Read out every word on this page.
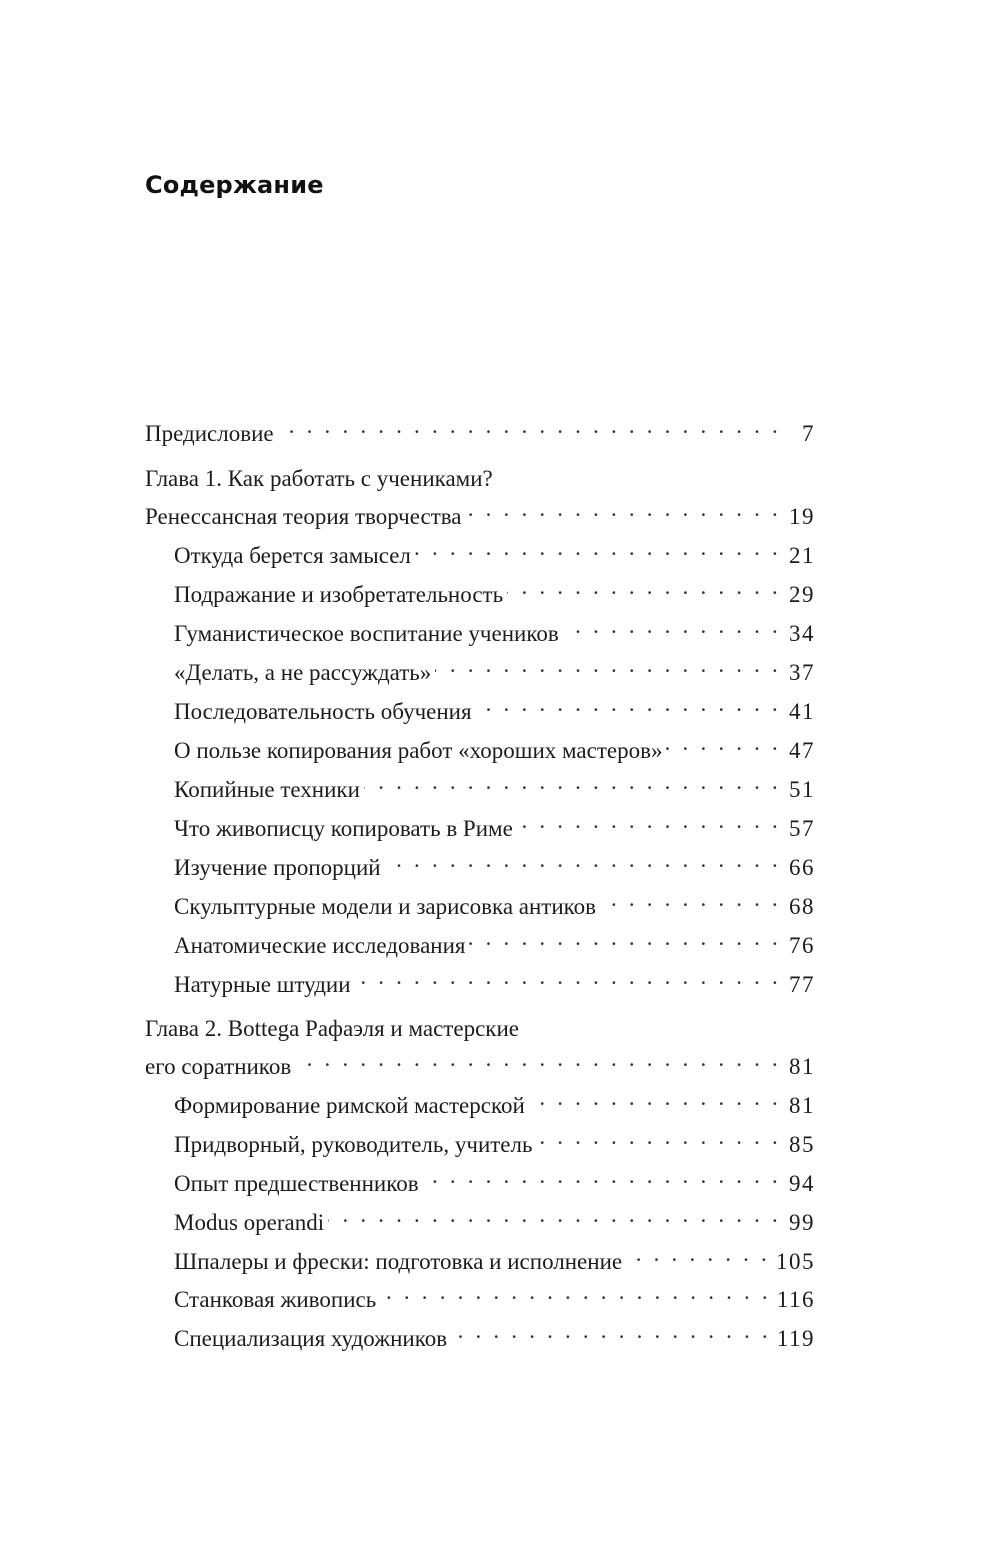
Содержание
Предисловие . . .	7
Глава 1. Как работать с учениками?
Ренессансная теория творчества . . .	19
Откуда берется замысел . . .	21
Подражание и изобретательность . . .	29
Гуманистическое воспитание учеников . . .	34
«Делать, а не рассуждать» . . .	37
Последовательность обучения . . .	41
О пользе копирования работ «хороших мастеров» . . .	47
Копийные техники . . .	51
Что живописцу копировать в Риме . . .	57
Изучение пропорций . . .	66
Скульптурные модели и зарисовка антиков . . .	68
Анатомические исследования . . .	76
Натурные штудии . . .	77
Глава 2. Bottega Рафаэля и мастерские
его соратников . . .	81
Формирование римской мастерской . . .	81
Придворный, руководитель, учитель . . .	85
Опыт предшественников . . .	94
Modus operandi . . .	99
Шпалеры и фрески: подготовка и исполнение . . .	105
Станковая живопись . . .	116
Специализация художников . . .	119
